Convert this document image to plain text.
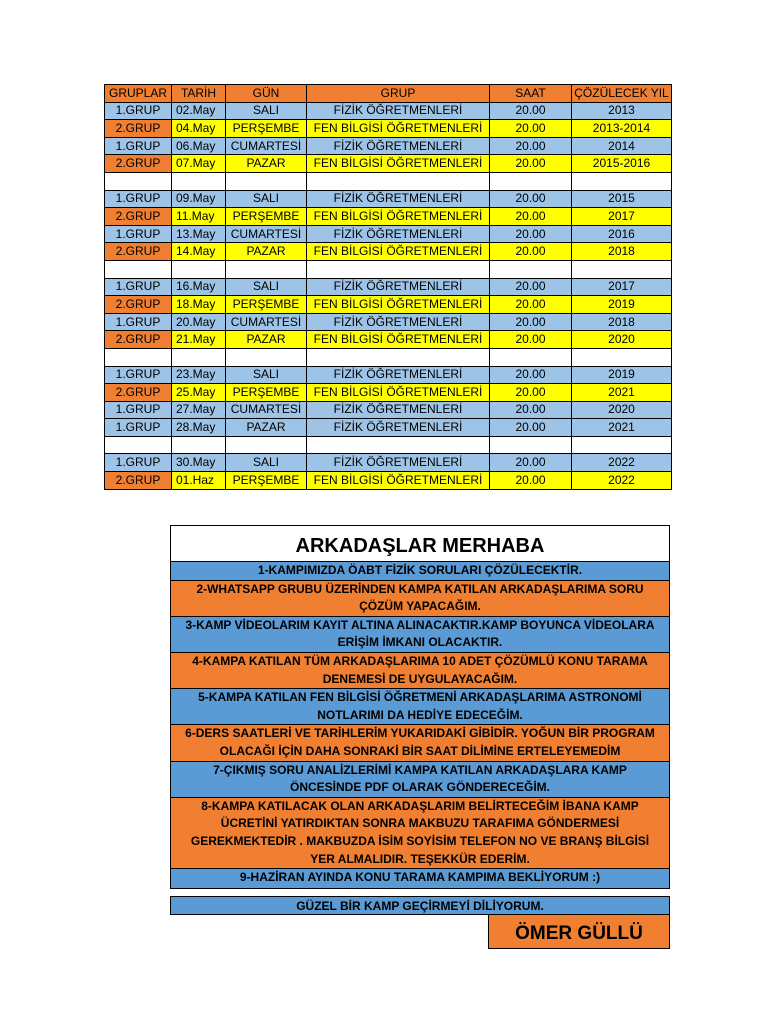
GRUPLAR	TARİH	GÜN	GRUP	SAAT	ÇÖZÜLECEK YIL
1.GRUP	02.May	SALI	FİZİK ÖĞRETMENLERİ	20.00	2013
2.GRUP	04.May	PERŞEMBE	FEN BİLGİSİ ÖĞRETMENLERİ	20.00	2013-2014
1.GRUP	06.May	CUMARTESİ	FİZİK ÖĞRETMENLERİ	20.00	2014
2.GRUP	07.May	PAZAR	FEN BİLGİSİ ÖĞRETMENLERİ	20.00	2015-2016

1.GRUP	09.May	SALI	FİZİK ÖĞRETMENLERİ	20.00	2015
2.GRUP	11.May	PERŞEMBE	FEN BİLGİSİ ÖĞRETMENLERİ	20.00	2017
1.GRUP	13.May	CUMARTESİ	FİZİK ÖĞRETMENLERİ	20.00	2016
2.GRUP	14.May	PAZAR	FEN BİLGİSİ ÖĞRETMENLERİ	20.00	2018

1.GRUP	16.May	SALI	FİZİK ÖĞRETMENLERİ	20.00	2017
2.GRUP	18.May	PERŞEMBE	FEN BİLGİSİ ÖĞRETMENLERİ	20.00	2019
1.GRUP	20.May	CUMARTESİ	FİZİK ÖĞRETMENLERİ	20.00	2018
2.GRUP	21.May	PAZAR	FEN BİLGİSİ ÖĞRETMENLERİ	20.00	2020

1.GRUP	23.May	SALI	FİZİK ÖĞRETMENLERİ	20.00	2019
2.GRUP	25.May	PERŞEMBE	FEN BİLGİSİ ÖĞRETMENLERİ	20.00	2021
1.GRUP	27.May	CUMARTESİ	FİZİK ÖĞRETMENLERİ	20.00	2020
1.GRUP	28.May	PAZAR	FİZİK ÖĞRETMENLERİ	20.00	2021

1.GRUP	30.May	SALI	FİZİK ÖĞRETMENLERİ	20.00	2022
2.GRUP	01.Haz	PERŞEMBE	FEN BİLGİSİ ÖĞRETMENLERİ	20.00	2022
ARKADAŞLAR MERHABA
1-KAMPIMIZDA ÖABT FİZİK SORULARI ÇÖZÜLECEKTİR.
2-WHATSAPP GRUBU ÜZERİNDEN KAMPA KATILAN ARKADAŞLARIMA SORU ÇÖZÜM YAPACAĞIM.
3-KAMP VİDEOLARIM KAYIT ALTINA ALINACAKTIR.KAMP BOYUNCA VİDEOLARA ERİŞİM İMKANI OLACAKTIR.
4-KAMPA KATILAN TÜM ARKADAŞLARIMA 10 ADET ÇÖZÜMLÜ KONU TARAMA DENEMESİ DE UYGULAYACAĞIM.
5-KAMPA KATILAN FEN BİLGİSİ ÖĞRETMENİ ARKADAŞLARIMA ASTRONOMİ NOTLARIMI DA HEDİYE EDECEĞİM.
6-DERS SAATLERİ VE TARİHLERİM YUKARIDAKİ GİBİDİR. YOĞUN BİR PROGRAM OLACAĞI İÇİN DAHA SONRAKİ BİR SAAT DİLİMİNE ERTELEYEMEDİM
7-ÇIKMIŞ SORU ANALİZLERİMİ KAMPA KATILAN ARKADAŞLARA KAMP ÖNCESİNDE PDF OLARAK GÖNDERECEĞİM.
8-KAMPA KATILACAK OLAN ARKADAŞLARIM BELİRTECEĞİM İBANA KAMP ÜCRETİNİ YATIRDIKTAN SONRA MAKBUZU TARAFIMA GÖNDERMESİ GEREKMEKTEDİR . MAKBUZDA İSİM SOYİSİM TELEFON NO VE BRANŞ BİLGİSİ YER ALMALIDIR. TEŞEKKÜR EDERİM.
9-HAZİRAN AYINDA KONU TARAMA KAMPIMA BEKLİYORUM :)
GÜZEL BİR KAMP GEÇİRMEYİ DİLİYORUM.
ÖMER GÜLLÜ
